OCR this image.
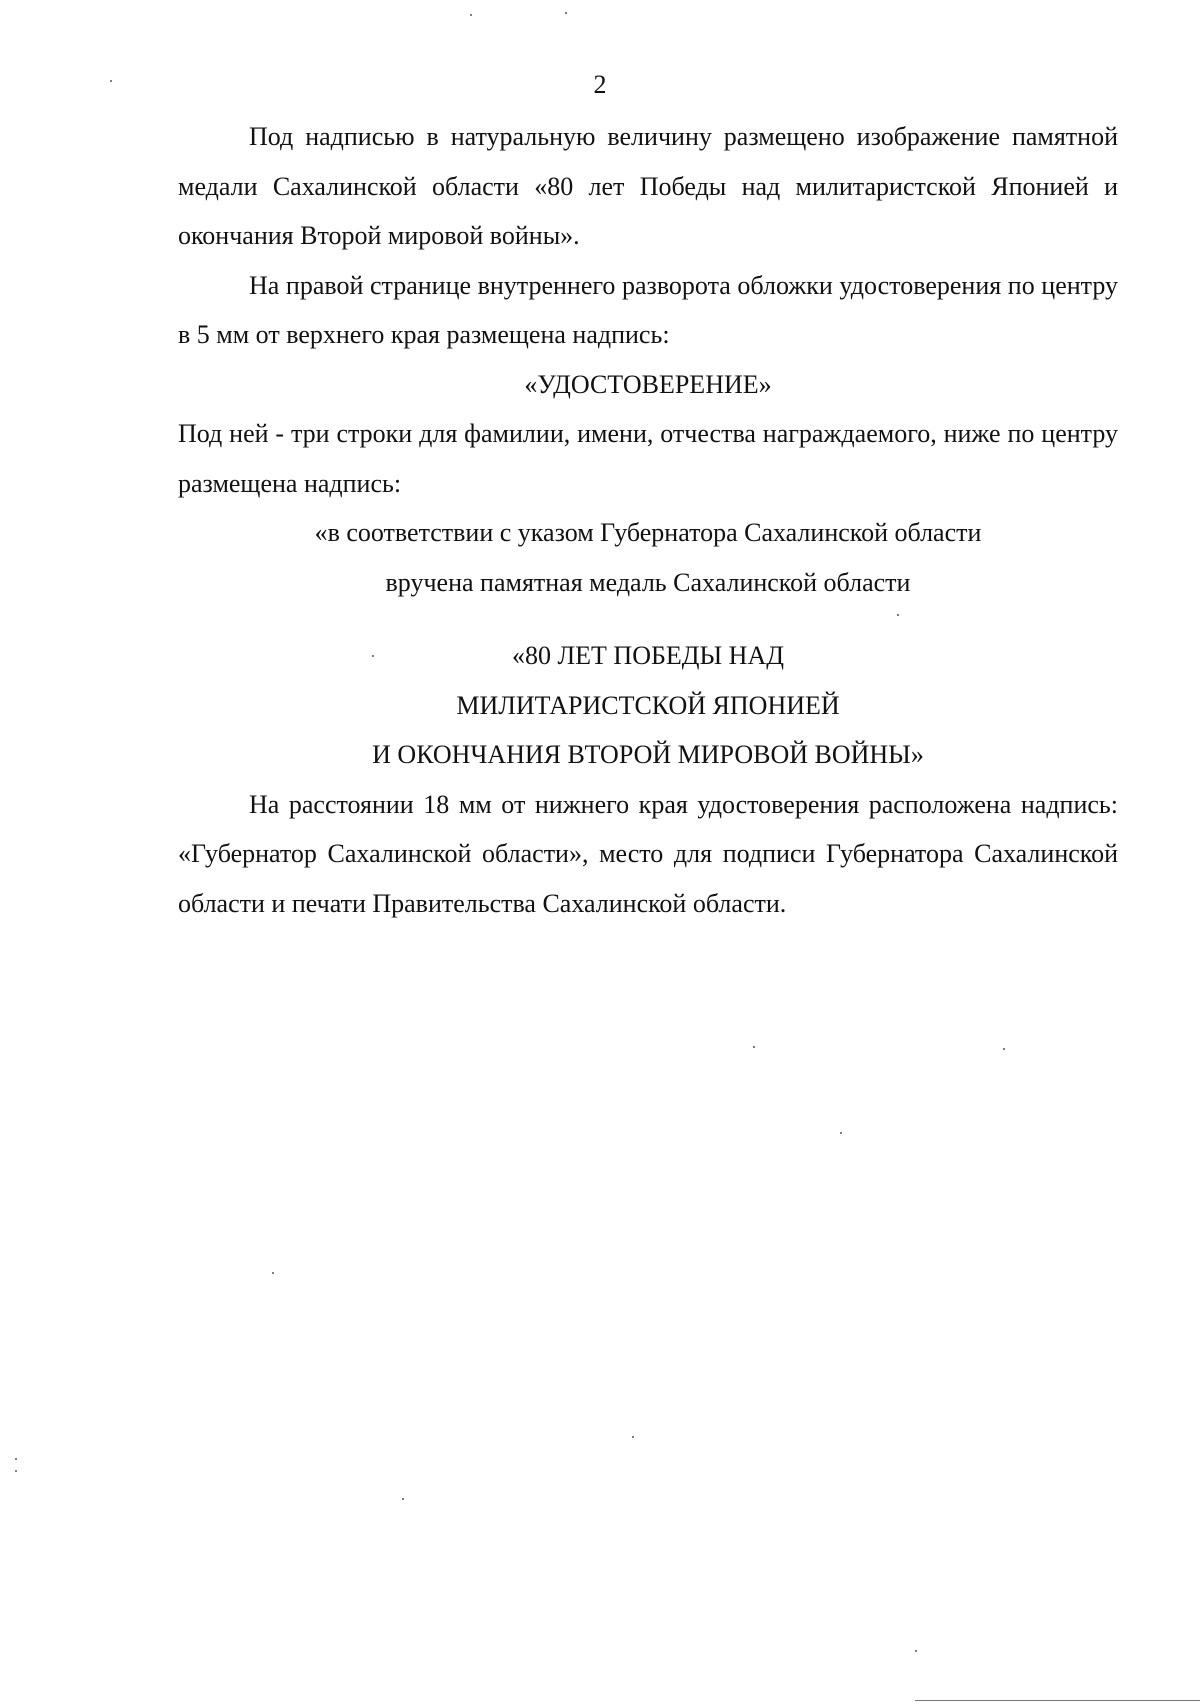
2

Под надписью в натуральную величину размещено изображение памятной медали Сахалинской области «80 лет Победы над милитаристской Японией и окончания Второй мировой войны».

На правой странице внутреннего разворота обложки удостоверения по центру в 5 мм от верхнего края размещена надпись:

«УДОСТОВЕРЕНИЕ»

Под ней - три строки для фамилии, имени, отчества награждаемого, ниже по центру размещена надпись:

«в соответствии с указом Губернатора Сахалинской области

вручена памятная медаль Сахалинской области

«80 ЛЕТ ПОБЕДЫ НАД

МИЛИТАРИСТСКОЙ ЯПОНИЕЙ

И ОКОНЧАНИЯ ВТОРОЙ МИРОВОЙ ВОЙНЫ»

На расстоянии 18 мм от нижнего края удостоверения расположена надпись: «Губернатор Сахалинской области», место для подписи Губернатора Сахалинской области и печати Правительства Сахалинской области.
